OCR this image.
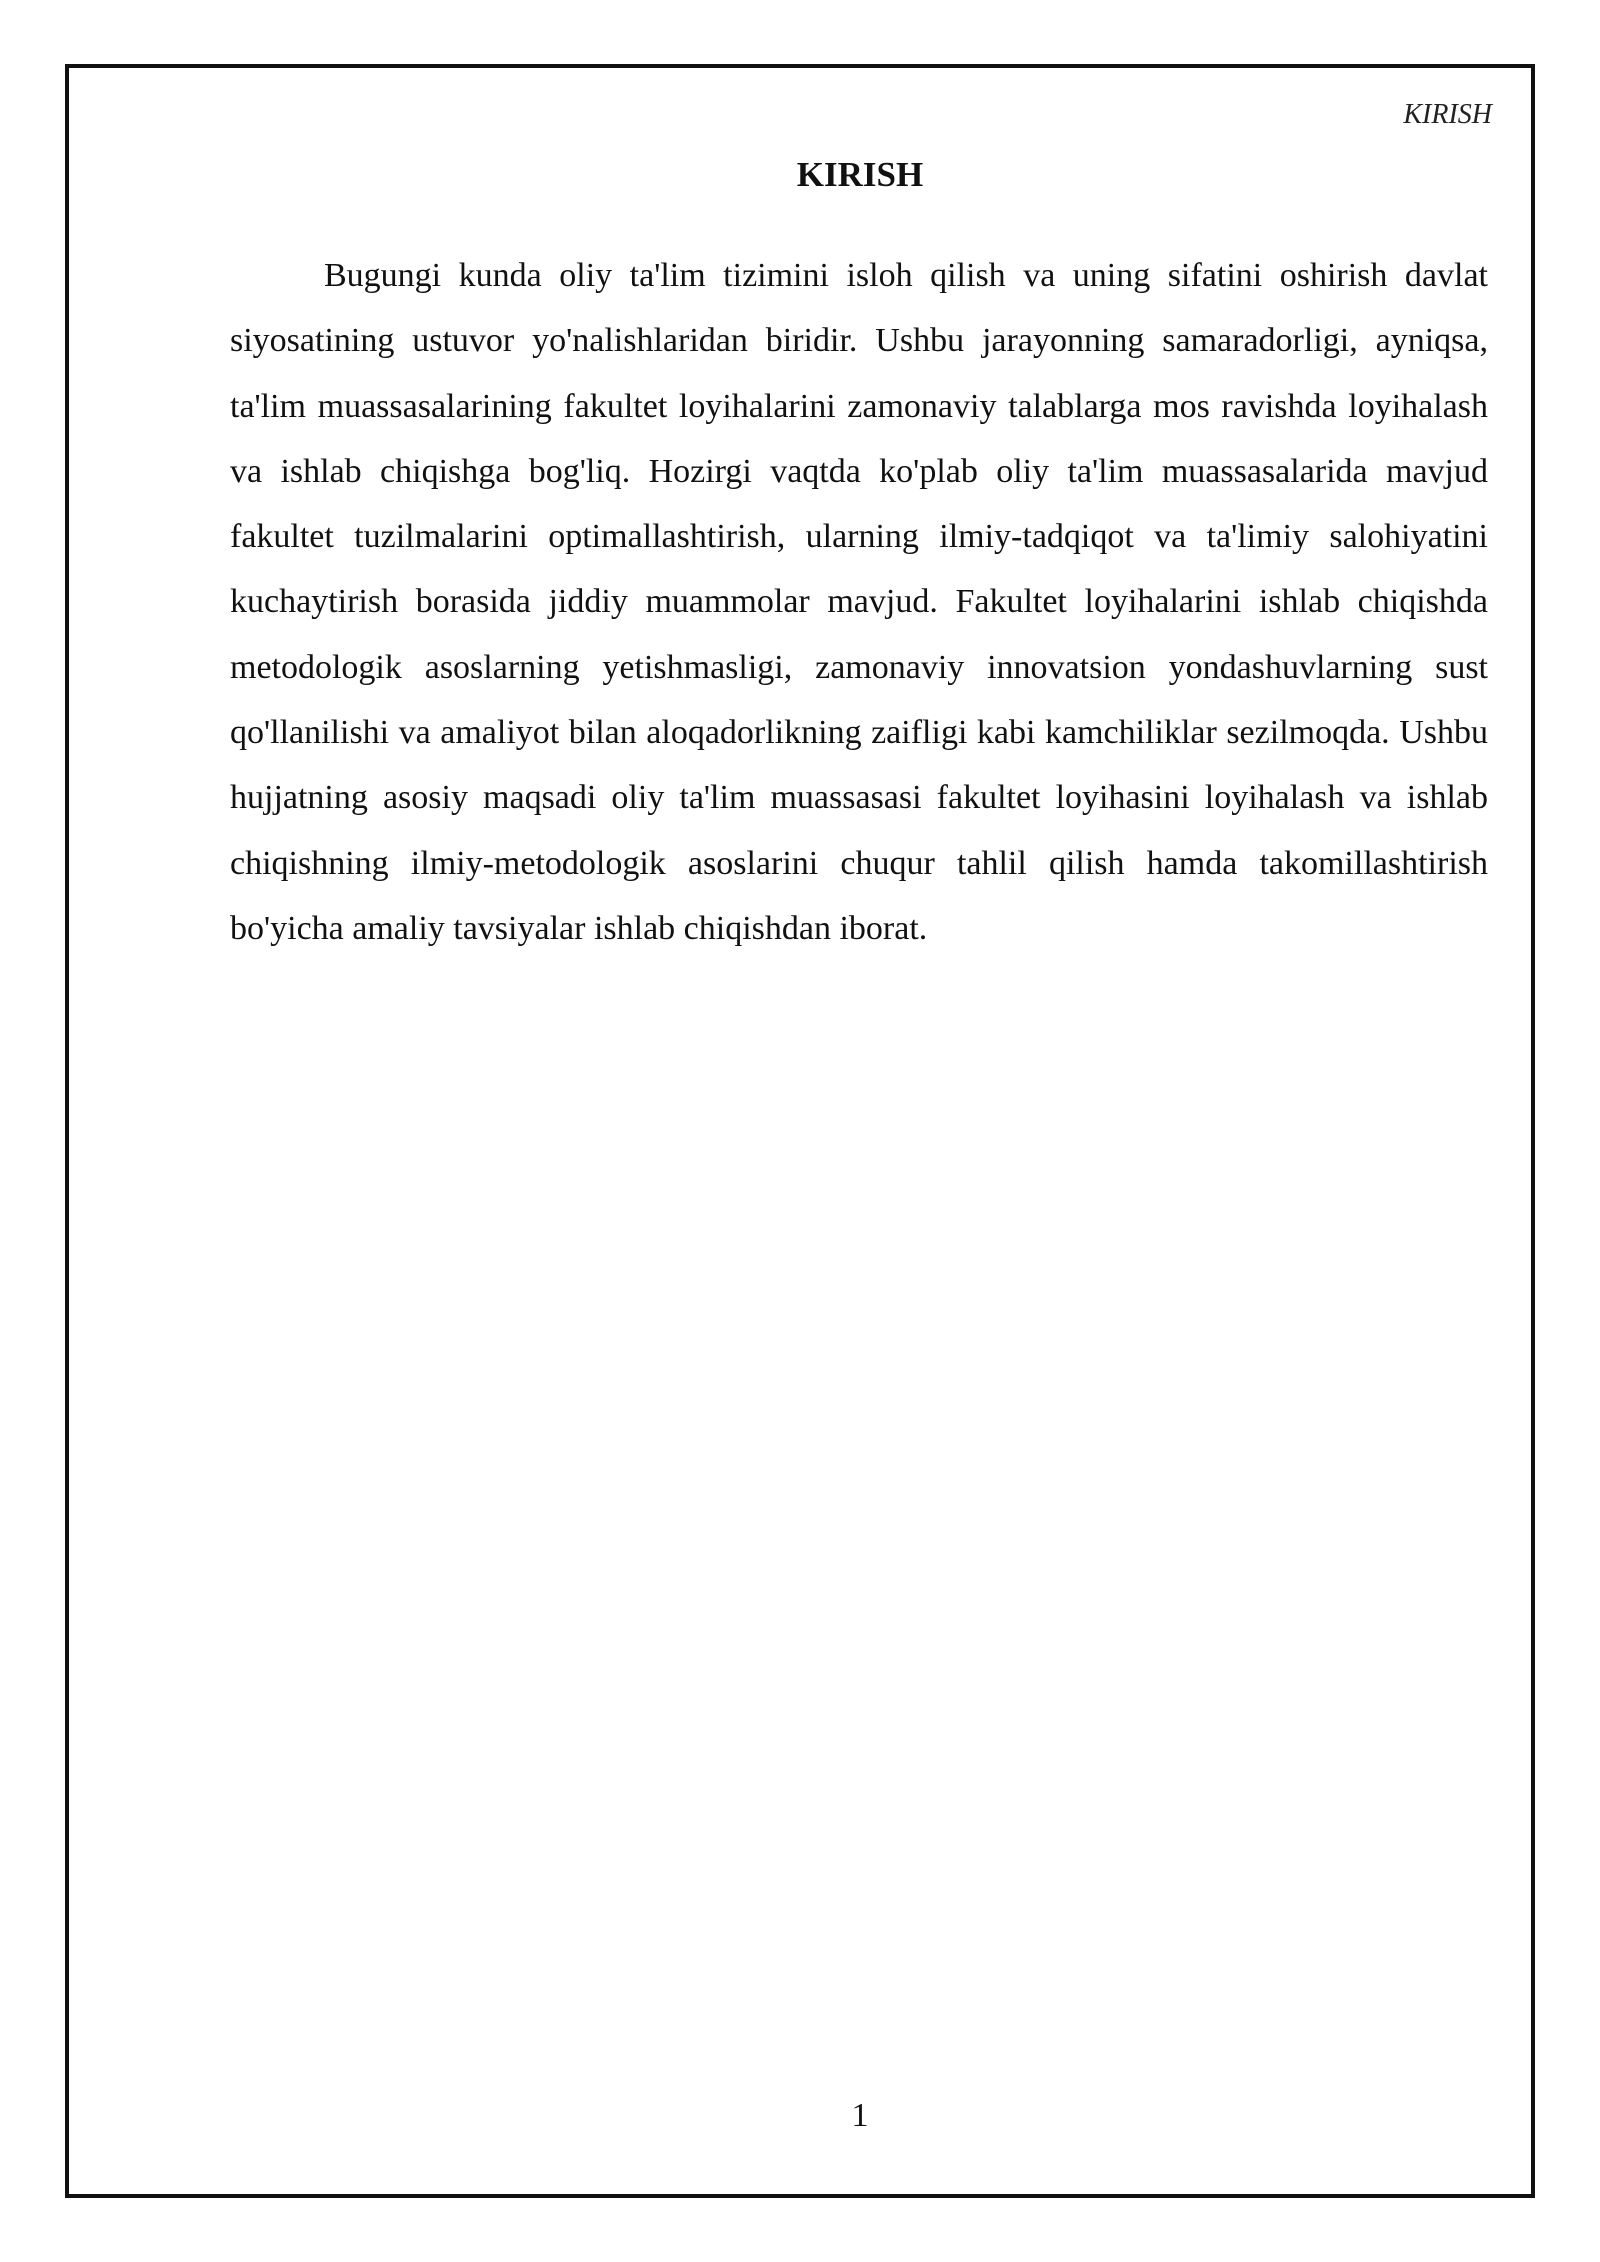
KIRISH
KIRISH

Bugungi kunda oliy ta'lim tizimini isloh qilish va uning sifatini oshirish davlat siyosatining ustuvor yo'nalishlaridan biridir. Ushbu jarayonning samaradorligi, ayniqsa, ta'lim muassasalarining fakultet loyihalarini zamonaviy talablarga mos ravishda loyihalash va ishlab chiqishga bog'liq. Hozirgi vaqtda ko'plab oliy ta'lim muassasalarida mavjud fakultet tuzilmalarini optimallashtirish, ularning ilmiy-tadqiqot va ta'limiy salohiyatini kuchaytirish borasida jiddiy muammolar mavjud. Fakultet loyihalarini ishlab chiqishda metodologik asoslarning yetishmasligi, zamonaviy innovatsion yondashuvlarning sust qo'llanilishi va amaliyot bilan aloqadorlikning zaifligi kabi kamchiliklar sezilmoqda. Ushbu hujjatning asosiy maqsadi oliy ta'lim muassasasi fakultet loyihasini loyihalash va ishlab chiqishning ilmiy-metodologik asoslarini chuqur tahlil qilish hamda takomillashtirish bo'yicha amaliy tavsiyalar ishlab chiqishdan iborat.

1
